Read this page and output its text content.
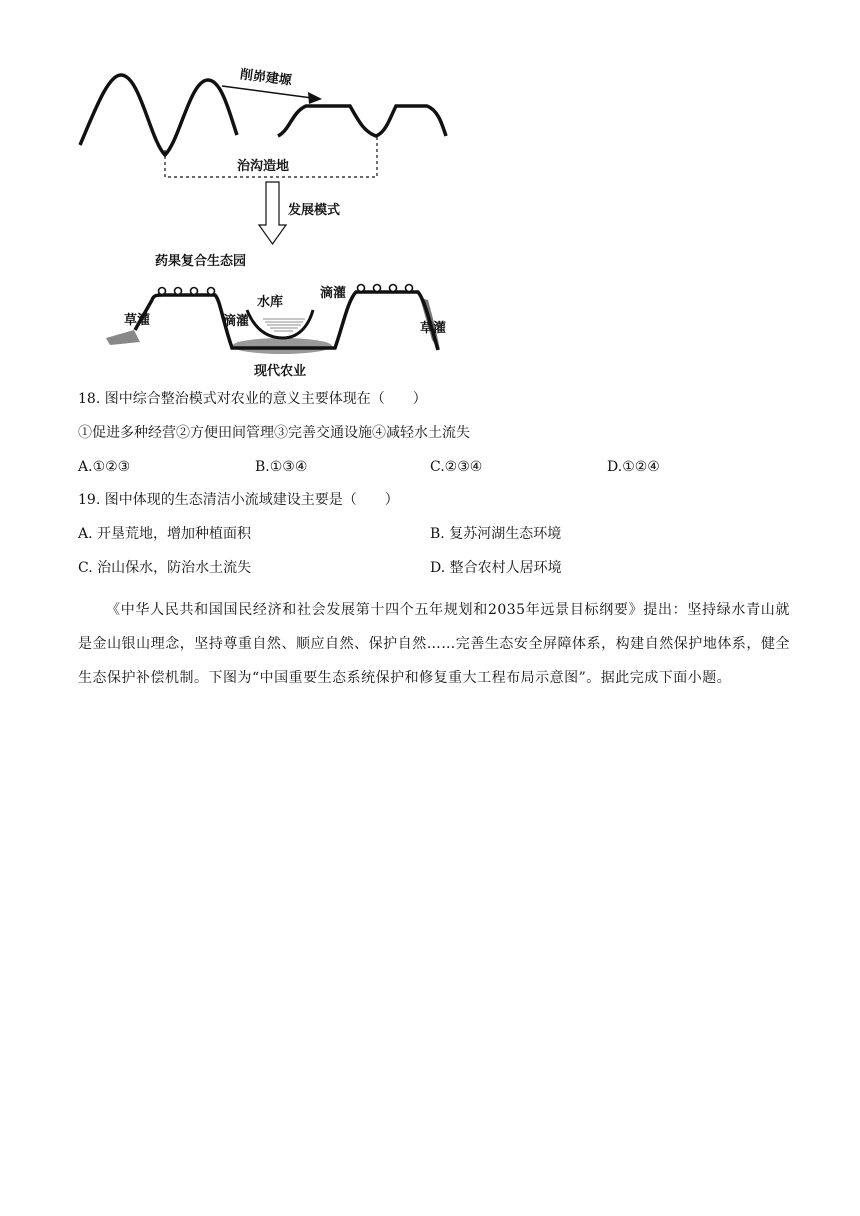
削峁建塬
治沟造地
发展模式
药果复合生态园
草灌	滴灌
水库
滴灌
草灌
现代农业
18. 图中综合整治模式对农业的意义主要体现在（　　）
①促进多种经营②方便田间管理③完善交通设施④减轻水土流失
A.①②③	B.①③④	C.②③④	D.①②④
19. 图中体现的生态清洁小流域建设主要是（　　）
A. 开垦荒地，增加种植面积	B. 复苏河湖生态环境
C. 治山保水，防治水土流失	D. 整合农村人居环境

《中华人民共和国国民经济和社会发展第十四个五年规划和2035年远景目标纲要》提出：坚持绿水青山就是金山银山理念，坚持尊重自然、顺应自然、保护自然……完善生态安全屏障体系，构建自然保护地体系，健全生态保护补偿机制。下图为“中国重要生态系统保护和修复重大工程布局示意图”。据此完成下面小题。
